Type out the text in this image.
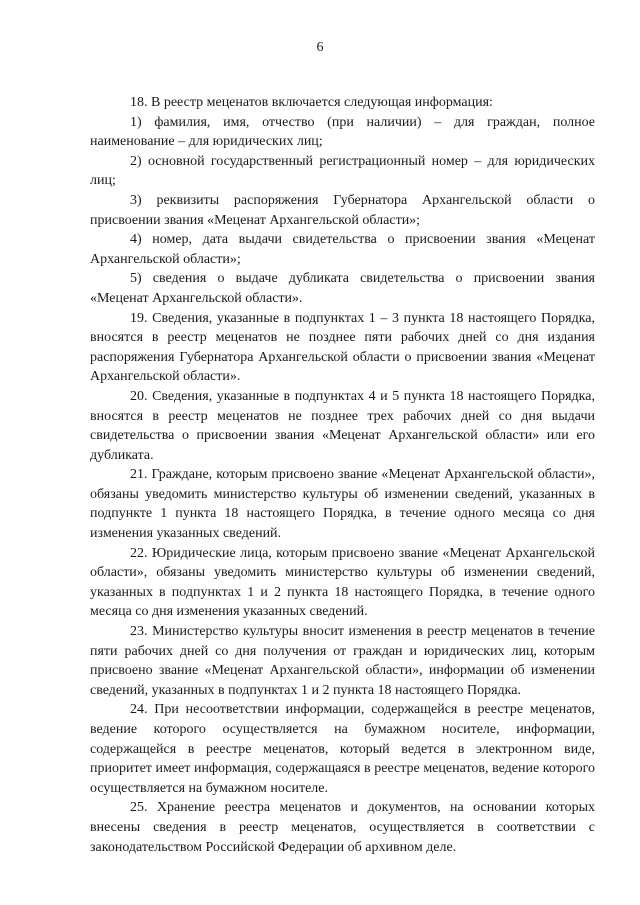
6

18. В реестр меценатов включается следующая информация:

1) фамилия, имя, отчество (при наличии) – для граждан, полное наименование – для юридических лиц;

2) основной государственный регистрационный номер – для юридических лиц;

3) реквизиты распоряжения Губернатора Архангельской области о присвоении звания «Меценат Архангельской области»;

4) номер, дата выдачи свидетельства о присвоении звания «Меценат Архангельской области»;

5) сведения о выдаче дубликата свидетельства о присвоении звания «Меценат Архангельской области».

19. Сведения, указанные в подпунктах 1 – 3 пункта 18 настоящего Порядка, вносятся в реестр меценатов не позднее пяти рабочих дней со дня издания распоряжения Губернатора Архангельской области о присвоении звания «Меценат Архангельской области».

20. Сведения, указанные в подпунктах 4 и 5 пункта 18 настоящего Порядка, вносятся в реестр меценатов не позднее трех рабочих дней со дня выдачи свидетельства о присвоении звания «Меценат Архангельской области» или его дубликата.

21. Граждане, которым присвоено звание «Меценат Архангельской области», обязаны уведомить министерство культуры об изменении сведений, указанных в подпункте 1 пункта 18 настоящего Порядка, в течение одного месяца со дня изменения указанных сведений.

22. Юридические лица, которым присвоено звание «Меценат Архангельской области», обязаны уведомить министерство культуры об изменении сведений, указанных в подпунктах 1 и 2 пункта 18 настоящего Порядка, в течение одного месяца со дня изменения указанных сведений.

23. Министерство культуры вносит изменения в реестр меценатов в течение пяти рабочих дней со дня получения от граждан и юридических лиц, которым присвоено звание «Меценат Архангельской области», информации об изменении сведений, указанных в подпунктах 1 и 2 пункта 18 настоящего Порядка.

24. При несоответствии информации, содержащейся в реестре меценатов, ведение которого осуществляется на бумажном носителе, информации, содержащейся в реестре меценатов, который ведется в электронном виде, приоритет имеет информация, содержащаяся в реестре меценатов, ведение которого осуществляется на бумажном носителе.

25. Хранение реестра меценатов и документов, на основании которых внесены сведения в реестр меценатов, осуществляется в соответствии с законодательством Российской Федерации об архивном деле.
